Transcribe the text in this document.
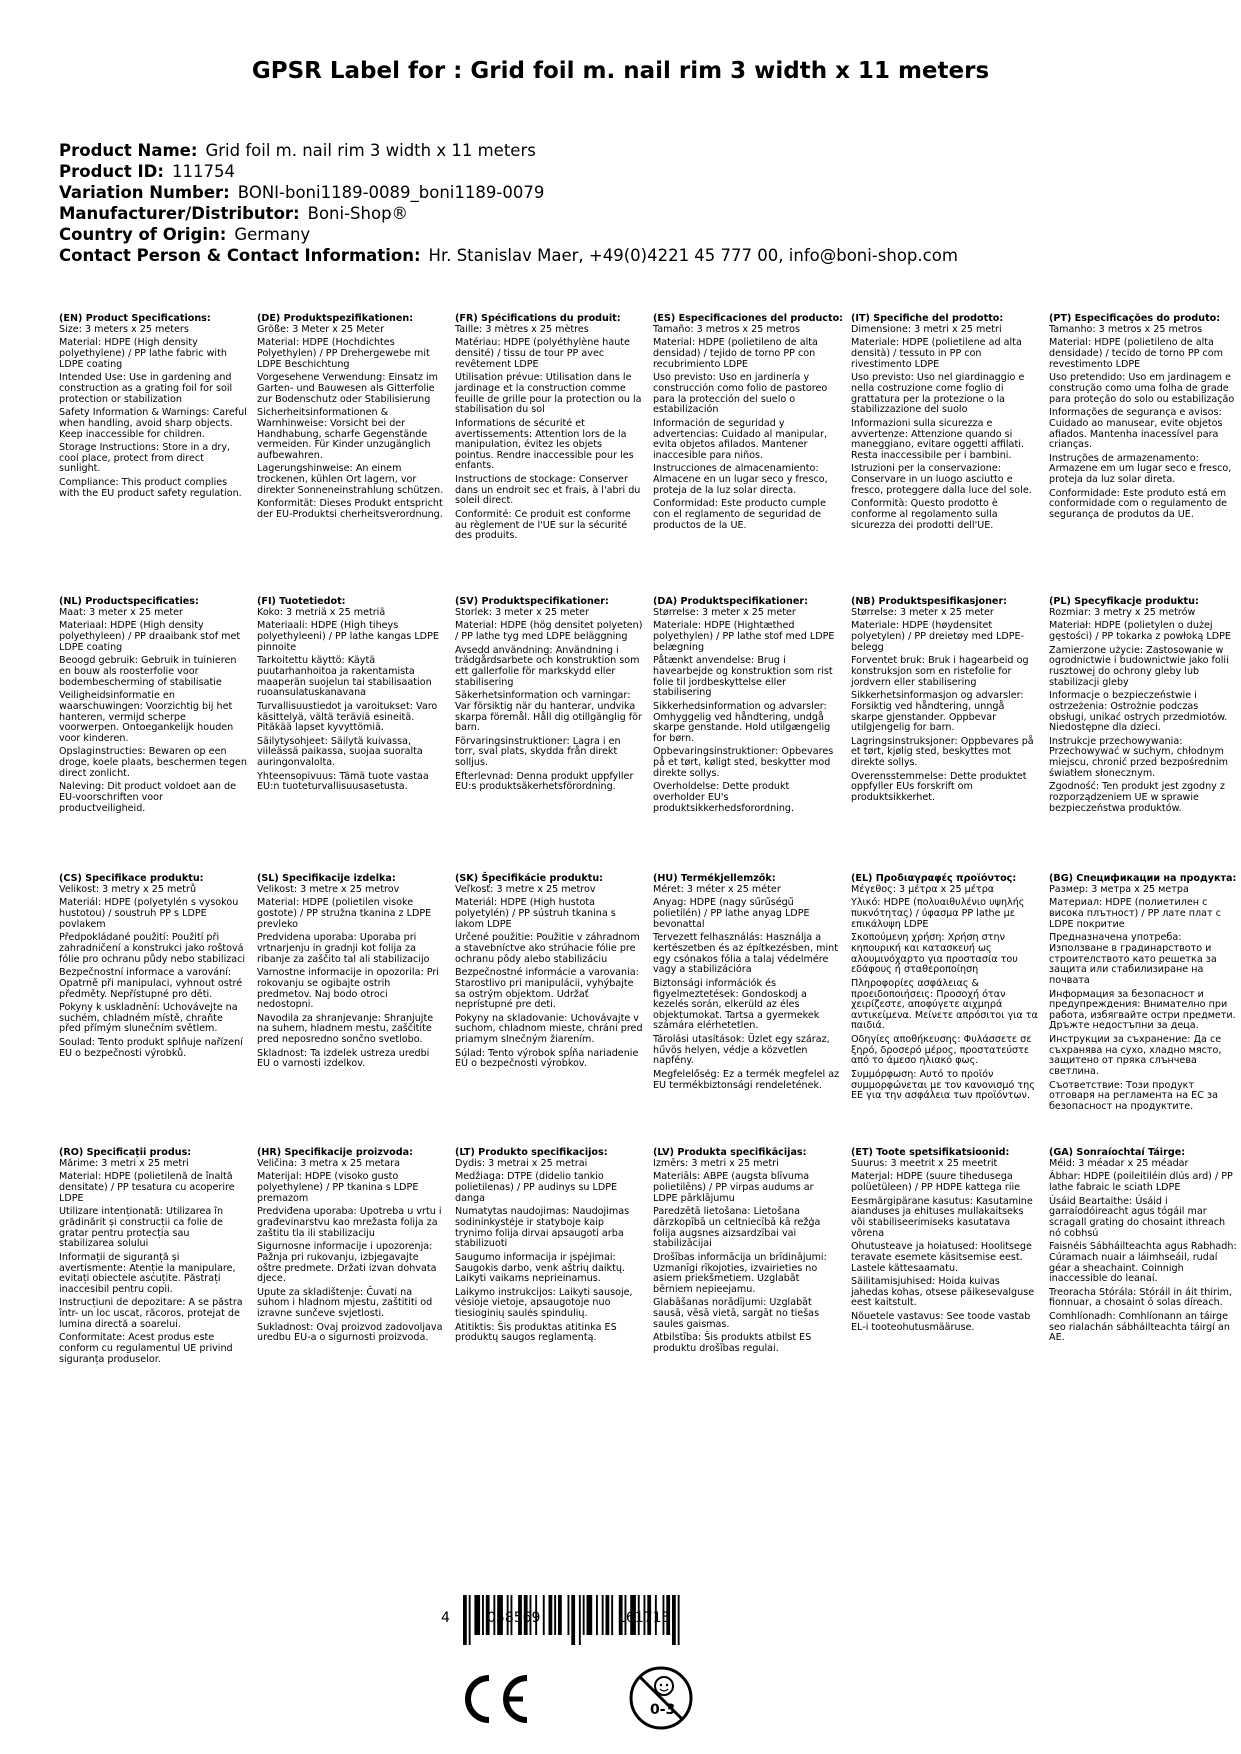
GPSR Label for : Grid foil m. nail rim 3 width x 11 meters
Product Name: Grid foil m. nail rim 3 width x 11 meters
Product ID: 111754
Variation Number: BONI-boni1189-0089_boni1189-0079
Manufacturer/Distributor: Boni-Shop®
Country of Origin: Germany
Contact Person & Contact Information: Hr. Stanislav Maer, +49(0)4221 45 777 00, info@boni-shop.com
(EN) Product Specifications:

Size: 3 meters x 25 meters

Material: HDPE (High density polyethylene) / PP lathe fabric with LDPE coating

Intended Use: Use in gardening and construction as a grating foil for soil protection or stabilization

Safety Information & Warnings: Careful when handling, avoid sharp objects. Keep inaccessible for children.

Storage Instructions: Store in a dry, cool place, protect from direct sunlight.

Compliance: This product complies with the EU product safety regulation.

(DE) Produktspezifikationen:

Größe: 3 Meter x 25 Meter

Material: HDPE (Hochdichtes Polyethylen) / PP Drehergewebe mit LDPE Beschichtung

Vorgesehene Verwendung: Einsatz im Garten- und Bauwesen als Gitterfolie zur Bodenschutz oder Stabilisierung

Sicherheitsinformationen & Warnhinweise: Vorsicht bei der Handhabung, scharfe Gegenstände vermeiden. Für Kinder unzugänglich aufbewahren.

Lagerungshinweise: An einem trockenen, kühlen Ort lagern, vor direkter Sonneneinstrahlung schützen.

Konformität: Dieses Produkt entspricht der EU-Produktsi cherheitsverordnung.

(FR) Spécifications du produit:

Taille: 3 mètres x 25 mètres

Matériau: HDPE (polyéthylène haute densité) / tissu de tour PP avec revêtement LDPE

Utilisation prévue: Utilisation dans le jardinage et la construction comme feuille de grille pour la protection ou la stabilisation du sol

Informations de sécurité et avertissements: Attention lors de la manipulation, évitez les objets pointus. Rendre inaccessible pour les enfants.

Instructions de stockage: Conserver dans un endroit sec et frais, à l'abri du soleil direct.

Conformité: Ce produit est conforme au règlement de l'UE sur la sécurité des produits.

(ES) Especificaciones del producto:

Tamaño: 3 metros x 25 metros

Material: HDPE (polietileno de alta densidad) / tejido de torno PP con recubrimiento LDPE

Uso previsto: Uso en jardinería y construcción como folio de pastoreo para la protección del suelo o estabilización

Información de seguridad y advertencias: Cuidado al manipular, evita objetos afilados. Mantener inaccesible para niños.

Instrucciones de almacenamiento: Almacene en un lugar seco y fresco, proteja de la luz solar directa.

Conformidad: Este producto cumple con el reglamento de seguridad de productos de la UE.

(IT) Specifiche del prodotto:

Dimensione: 3 metri x 25 metri

Materiale: HDPE (polietilene ad alta densità) / tessuto in PP con rivestimento LDPE

Uso previsto: Uso nel giardinaggio e nella costruzione come foglio di grattatura per la protezione o la stabilizzazione del suolo

Informazioni sulla sicurezza e avvertenze: Attenzione quando si maneggiano, evitare oggetti affilati. Resta inaccessibile per i bambini.

Istruzioni per la conservazione: Conservare in un luogo asciutto e fresco, proteggere dalla luce del sole.

Conformità: Questo prodotto è conforme al regolamento sulla sicurezza dei prodotti dell'UE.

(PT) Especificações do produto:

Tamanho: 3 metros x 25 metros

Material: HDPE (polietileno de alta densidade) / tecido de torno PP com revestimento LDPE

Uso pretendido: Uso em jardinagem e construção como uma folha de grade para proteção do solo ou estabilização

Informações de segurança e avisos: Cuidado ao manusear, evite objetos afiados. Mantenha inacessível para crianças.

Instruções de armazenamento: Armazene em um lugar seco e fresco, proteja da luz solar direta.

Conformidade: Este produto está em conformidade com o regulamento de segurança de produtos da UE.

(NL) Productspecificaties:

Maat: 3 meter x 25 meter

Materiaal: HDPE (High density polyethyleen) / PP draaibank stof met LDPE coating

Beoogd gebruik: Gebruik in tuinieren en bouw als roosterfolie voor bodembescherming of stabilisatie

Veiligheidsinformatie en waarschuwingen: Voorzichtig bij het hanteren, vermijd scherpe voorwerpen. Ontoegankelijk houden voor kinderen.

Opslaginstructies: Bewaren op een droge, koele plaats, beschermen tegen direct zonlicht.

Naleving: Dit product voldoet aan de EU-voorschriften voor productveiligheid.

(FI) Tuotetiedot:

Koko: 3 metriä x 25 metriä

Materiaali: HDPE (High tiheys polyethyleeni) / PP lathe kangas LDPE pinnoite

Tarkoitettu käyttö: Käytä puutarhanhoitoa ja rakentamista maaperän suojelun tai stabilisaation ruoansulatuskanavana

Turvallisuustiedot ja varoitukset: Varo käsittelyä, vältä teräviä esineitä. Pitäkää lapset kyvyttömiä.

Säilytysohjeet: Säilytä kuivassa, viileässä paikassa, suojaa suoralta auringonvalolta.

Yhteensopivuus: Tämä tuote vastaa EU:n tuoteturvallisuusasetusta.

(SV) Produktspecifikationer:

Storlek: 3 meter x 25 meter

Material: HDPE (hög densitet polyeten) / PP lathe tyg med LDPE beläggning

Avsedd användning: Användning i trädgårdsarbete och konstruktion som ett gallerfolie för markskydd eller stabilisering

Säkerhetsinformation och varningar: Var försiktig när du hanterar, undvika skarpa föremål. Håll dig otillgänglig för barn.

Förvaringsinstruktioner: Lagra i en torr, sval plats, skydda från direkt solljus.

Efterlevnad: Denna produkt uppfyller EU:s produktsäkerhetsförordning.

(DA) Produktspecifikationer:

Størrelse: 3 meter x 25 meter

Materiale: HDPE (Hightæthed polyethylen) / PP lathe stof med LDPE belægning

Påtænkt anvendelse: Brug i havearbejde og konstruktion som rist folie til jordbeskyttelse eller stabilisering

Sikkerhedsinformation og advarsler: Omhyggelig ved håndtering, undgå skarpe genstande. Hold utilgængelig for børn.

Opbevaringsinstruktioner: Opbevares på et tørt, køligt sted, beskytter mod direkte sollys.

Overholdelse: Dette produkt overholder EU's produktsikkerhedsforordning.

(NB) Produktspesifikasjoner:

Størrelse: 3 meter x 25 meter

Materiale: HDPE (høydensitet polyetylen) / PP dreietøy med LDPE-belegg

Forventet bruk: Bruk i hagearbeid og konstruksjon som en ristefolie for jordvern eller stabilisering

Sikkerhetsinformasjon og advarsler: Forsiktig ved håndtering, unngå skarpe gjenstander. Oppbevar utilgjengelig for barn.

Lagringsinstruksjoner: Oppbevares på et tørt, kjølig sted, beskyttes mot direkte sollys.

Overensstemmelse: Dette produktet oppfyller EUs forskrift om produktsikkerhet.

(PL) Specyfikacje produktu:

Rozmiar: 3 metry x 25 metrów

Materiał: HDPE (polietylen o dużej gęstości) / PP tokarka z powłoką LDPE

Zamierzone użycie: Zastosowanie w ogrodnictwie i budownictwie jako folii rusztowej do ochrony gleby lub stabilizacji gleby

Informacje o bezpieczeństwie i ostrzeżenia: Ostrożnie podczas obsługi, unikać ostrych przedmiotów. Niedostępne dla dzieci.

Instrukcje przechowywania: Przechowywać w suchym, chłodnym miejscu, chronić przed bezpośrednim światłem słonecznym.

Zgodność: Ten produkt jest zgodny z rozporządzeniem UE w sprawie bezpieczeństwa produktów.

(CS) Specifikace produktu:

Velikost: 3 metry x 25 metrů

Materiál: HDPE (polyetylén s vysokou hustotou) / soustruh PP s LDPE povlakem

Předpokládané použití: Použití při zahradničení a konstrukci jako roštová fólie pro ochranu půdy nebo stabilizaci

Bezpečnostní informace a varování: Opatrně při manipulaci, vyhnout ostré předměty. Nepřístupné pro děti.

Pokyny k uskladnění: Uchovávejte na suchém, chladném místě, chraňte před přímým slunečním světlem.

Soulad: Tento produkt splňuje nařízení EU o bezpečnosti výrobků.

(SL) Specifikacije izdelka:

Velikost: 3 metre x 25 metrov

Material: HDPE (polietilen visoke gostote) / PP stružna tkanina z LDPE prevleko

Predvidena uporaba: Uporaba pri vrtnarjenju in gradnji kot folija za ribanje za zaščito tal ali stabilizacijo

Varnostne informacije in opozorila: Pri rokovanju se ogibajte ostrih predmetov. Naj bodo otroci nedostopni.

Navodila za shranjevanje: Shranjujte na suhem, hladnem mestu, zaščitite pred neposredno sončno svetlobo.

Skladnost: Ta izdelek ustreza uredbi EU o varnosti izdelkov.

(SK) Špecifikácie produktu:

Veľkosť: 3 metre x 25 metrov

Materiál: HDPE (High hustota polyetylén) / PP sústruh tkanina s lakom LDPE

Určené použitie: Použitie v záhradnom a stavebníctve ako strúhacie fólie pre ochranu pôdy alebo stabilizáciu

Bezpečnostné informácie a varovania: Starostlivo pri manipulácii, vyhýbajte sa ostrým objektom. Udržať neprístupné pre deti.

Pokyny na skladovanie: Uchovávajte v suchom, chladnom mieste, chráni pred priamym slnečným žiarením.

Súlad: Tento výrobok spĺňa nariadenie EÚ o bezpečnosti výrobkov.

(HU) Termékjellemzők:

Méret: 3 méter x 25 méter

Anyag: HDPE (nagy sűrűségű polietilén) / PP lathe anyag LDPE bevonattal

Tervezett felhasználás: Használja a kertészetben és az építkezésben, mint egy csónakos fólia a talaj védelmére vagy a stabilizációra

Biztonsági információk és figyelmeztetések: Gondoskodj a kezelés során, elkerüld az éles objektumokat. Tartsa a gyermekek számára elérhetetlen.

Tárolási utasítások: Üzlet egy száraz, hűvös helyen, védje a közvetlen napfény.

Megfelelőség: Ez a termék megfelel az EU termékbiztonsági rendeletének.

(EL) Προδιαγραφές προϊόντος:

Μέγεθος: 3 μέτρα x 25 μέτρα

Υλικό: HDPE (πολυαιθυλένιο υψηλής πυκνότητας) / ύφασμα PP lathe με επικάλυψη LDPE

Σκοπούμενη χρήση: Χρήση στην κηπουρική και κατασκευή ως αλουμινόχαρτο για προστασία του εδάφους ή σταθεροποίηση

Πληροφορίες ασφάλειας & προειδοποιήσεις: Προσοχή όταν χειρίζεστε, αποφύγετε αιχμηρά αντικείμενα. Μείνετε απρόσιτοι για τα παιδιά.

Οδηγίες αποθήκευσης: Φυλάσσετε σε ξηρό, δροσερό μέρος, προστατεύστε από το άμεσο ηλιακό φως.

Συμμόρφωση: Αυτό το προϊόν συμμορφώνεται με τον κανονισμό της ΕΕ για την ασφάλεια των προϊόντων.

(BG) Спецификации на продукта:

Размер: 3 метра x 25 метра

Материал: HDPE (полиетилен с висока плътност) / PP лате плат с LDPE покритие

Предназначена употреба: Използване в градинарството и строителството като решетка за защита или стабилизиране на почвата

Информация за безопасност и предупреждения: Внимателно при работа, избягвайте остри предмети. Дръжте недостъпни за деца.

Инструкции за съхранение: Да се съхранява на сухо, хладно място, защитено от пряка слънчева светлина.

Съответствие: Този продукт отговаря на регламента на ЕС за безопасност на продуктите.

(RO) Specificații produs:

Mărime: 3 metri x 25 metri

Material: HDPE (polietilenă de înaltă densitate) / PP tesatura cu acoperire LDPE

Utilizare intenționată: Utilizarea în grădinărit și construcții ca folie de gratar pentru protecția sau stabilizarea solului

Informații de siguranță și avertismente: Atenție la manipulare, evitați obiectele ascuțite. Păstrați inaccesibil pentru copii.

Instrucțiuni de depozitare: A se păstra într- un loc uscat, răcoros, protejat de lumina directă a soarelui.

Conformitate: Acest produs este conform cu regulamentul UE privind siguranța produselor.

(HR) Specifikacije proizvoda:

Veličina: 3 metra x 25 metara

Materijal: HDPE (visoko gusto polyethylene) / PP tkanina s LDPE premazom

Predviđena uporaba: Upotreba u vrtu i građevinarstvu kao mrežasta folija za zaštitu tla ili stabilizaciju

Sigurnosne informacije i upozorenja: Pažnja pri rukovanju, izbjegavajte oštre predmete. Držati izvan dohvata djece.

Upute za skladištenje: Čuvati na suhom i hladnom mjestu, zaštititi od izravne sunčeve svjetlosti.

Sukladnost: Ovaj proizvod zadovoljava uredbu EU-a o sigurnosti proizvoda.

(LT) Produkto specifikacijos:

Dydis: 3 metrai x 25 metrai

Medžiaga: DTPE (didelio tankio polietilenas) / PP audinys su LDPE danga

Numatytas naudojimas: Naudojimas sodininkystėje ir statyboje kaip trynimo folija dirvai apsaugoti arba stabilizuoti

Saugumo informacija ir įspėjimai: Saugokis darbo, venk aštrių daiktų. Laikyti vaikams neprieinamus.

Laikymo instrukcijos: Laikyti sausoje, vėsioje vietoje, apsaugotoje nuo tiesioginių saulės spindulių.

Atitiktis: Šis produktas atitinka ES produktų saugos reglamentą.

(LV) Produkta specifikācijas:

Izmērs: 3 metri x 25 metri

Materiāls: ABPE (augsta blīvuma polietilēns) / PP virpas audums ar LDPE pārklājumu

Paredzētā lietošana: Lietošana dārzkopībā un celtniecībā kā režģa folija augsnes aizsardzībai vai stabilizācijai

Drošības informācija un brīdinājumi: Uzmanīgi rīkojoties, izvairieties no asiem priekšmetiem. Uzglabāt bērniem nepieejamu.

Glabāšanas norādījumi: Uzglabāt sausā, vēsā vietā, sargāt no tiešas saules gaismas.

Atbilstība: Šis produkts atbilst ES produktu drošības regulai.

(ET) Toote spetsifikatsioonid:

Suurus: 3 meetrit x 25 meetrit

Materjal: HDPE (suure tihedusega polüetüleen) / PP HDPE kattega riie

Eesmärgipärane kasutus: Kasutamine aianduses ja ehituses mullakaitseks või stabiliseerimiseks kasutatava võrena

Ohutusteave ja hoiatused: Hoolitsege teravate esemete käsitsemise eest. Lastele kättesaamatu.

Säilitamisjuhised: Hoida kuivas jahedas kohas, otsese päikesevalguse eest kaitstult.

Nõuetele vastavus: See toode vastab EL-i tooteohutusmääruse.

(GA) Sonraíochtaí Táirge:

Méid: 3 méadar x 25 méadar

Ábhar: HDPE (poileitiléin dlús ard) / PP lathe fabraic le sciath LDPE

Úsáid Beartaithe: Úsáid i garraíodóireacht agus tógáil mar scragall grating do chosaint ithreach nó cobhsú

Faisnéis Sábháilteachta agus Rabhadh: Cúramach nuair a láimhseáil, rudaí géar a sheachaint. Coinnigh inaccessible do leanaí.

Treoracha Stórála: Stóráil in áit thirim, fionnuar, a chosaint ó solas díreach.

Comhlíonadh: Comhlíonann an táirge seo rialachán sábháilteachta táirgí an AE.

4	058569	161713
0-3
